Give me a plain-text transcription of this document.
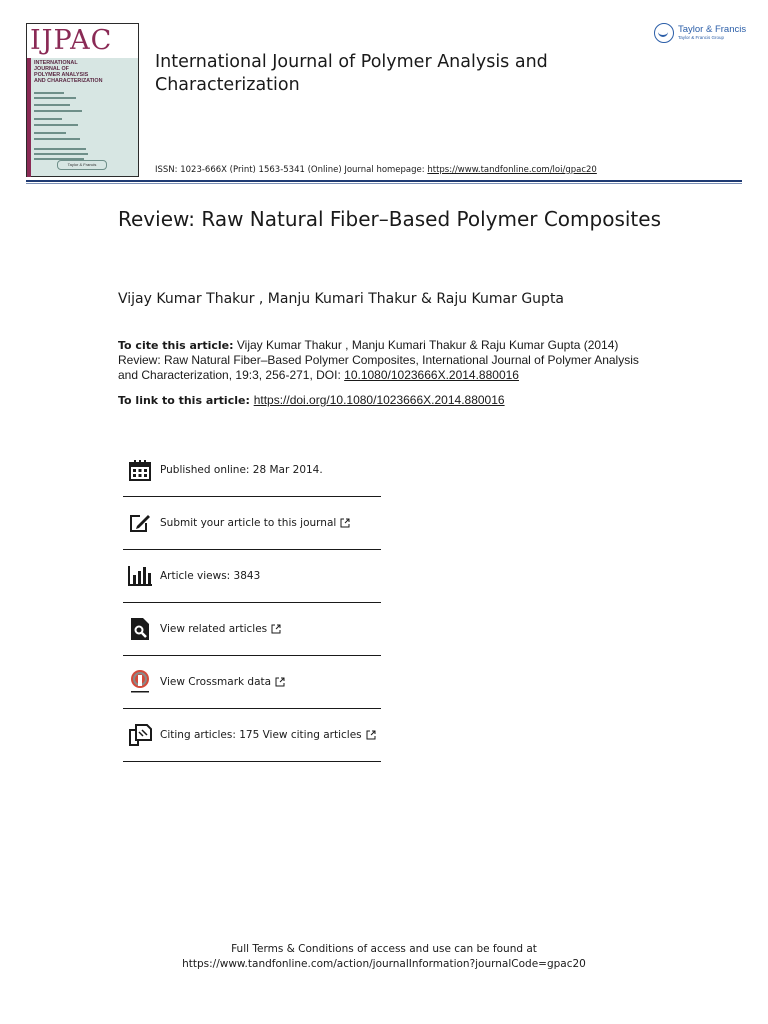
IJPAC
INTERNATIONAL
JOURNAL OF
POLYMER ANALYSIS
AND CHARACTERIZATION
Taylor & Francis
International Journal of Polymer Analysis and Characterization
ISSN: 1023-666X (Print) 1563-5341 (Online) Journal homepage: https://www.tandfonline.com/loi/gpac20
Taylor & Francis
Taylor & Francis Group
Review: Raw Natural Fiber–Based Polymer Composites
Vijay Kumar Thakur , Manju Kumari Thakur & Raju Kumar Gupta
To cite this article: Vijay Kumar Thakur , Manju Kumari Thakur & Raju Kumar Gupta (2014) Review: Raw Natural Fiber–Based Polymer Composites, International Journal of Polymer Analysis and Characterization, 19:3, 256-271, DOI: 10.1080/1023666X.2014.880016
To link to this article: https://doi.org/10.1080/1023666X.2014.880016
Published online: 28 Mar 2014.
Submit your article to this journal
Article views: 3843
View related articles
View Crossmark data
Citing articles: 175 View citing articles
Full Terms & Conditions of access and use can be found at
https://www.tandfonline.com/action/journalInformation?journalCode=gpac20
